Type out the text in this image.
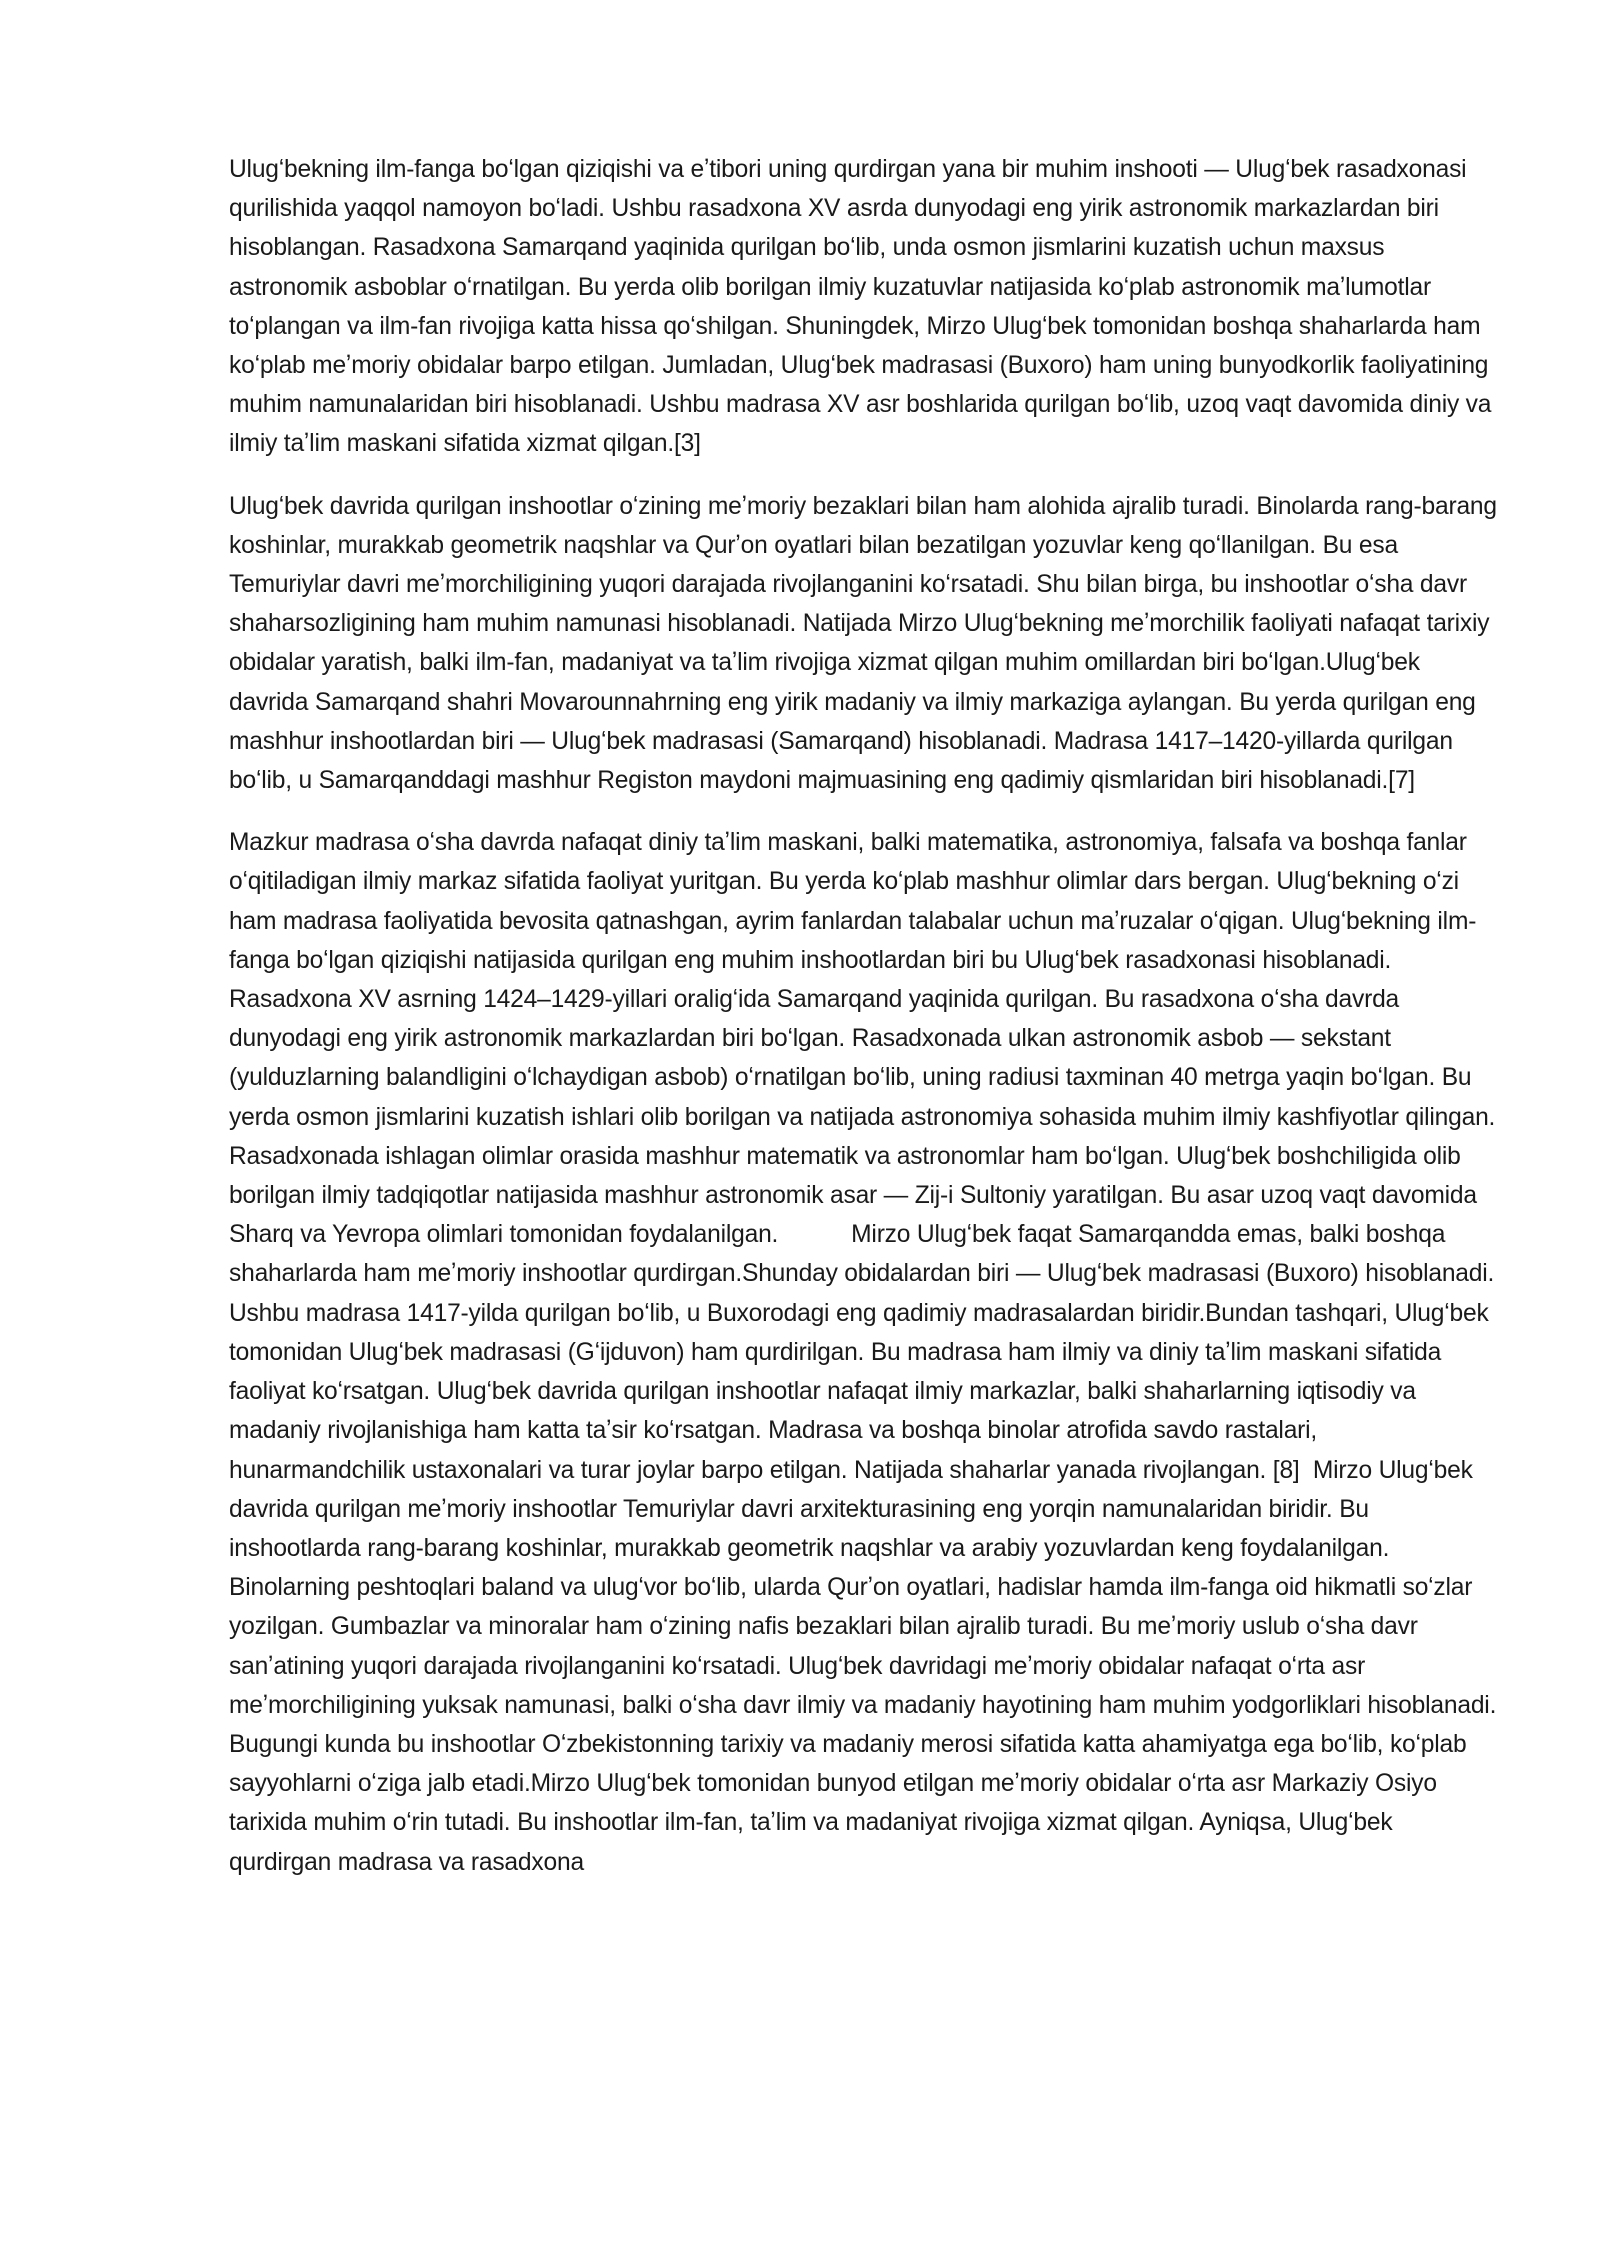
Ulugʻbekning ilm-fanga boʻlgan qiziqishi va eʼtibori uning qurdirgan yana bir muhim inshooti — Ulugʻbek rasadxonasi qurilishida yaqqol namoyon boʻladi. Ushbu rasadxona XV asrda dunyodagi eng yirik astronomik markazlardan biri hisoblangan. Rasadxona Samarqand yaqinida qurilgan boʻlib, unda osmon jismlarini kuzatish uchun maxsus astronomik asboblar oʻrnatilgan. Bu yerda olib borilgan ilmiy kuzatuvlar natijasida koʻplab astronomik maʼlumotlar toʻplangan va ilm-fan rivojiga katta hissa qoʻshilgan. Shuningdek, Mirzo Ulugʻbek tomonidan boshqa shaharlarda ham koʻplab meʼmoriy obidalar barpo etilgan. Jumladan, Ulugʻbek madrasasi (Buxoro) ham uning bunyodkorlik faoliyatining muhim namunalaridan biri hisoblanadi. Ushbu madrasa XV asr boshlarida qurilgan boʻlib, uzoq vaqt davomida diniy va ilmiy taʼlim maskani sifatida xizmat qilgan.[3]

Ulugʻbek davrida qurilgan inshootlar oʻzining meʼmoriy bezaklari bilan ham alohida ajralib turadi. Binolarda rang-barang koshinlar, murakkab geometrik naqshlar va Qurʼon oyatlari bilan bezatilgan yozuvlar keng qoʻllanilgan. Bu esa Temuriylar davri meʼmorchiligining yuqori darajada rivojlanganini koʻrsatadi. Shu bilan birga, bu inshootlar oʻsha davr shaharsozligining ham muhim namunasi hisoblanadi. Natijada Mirzo Ulugʻbekning meʼmorchilik faoliyati nafaqat tarixiy obidalar yaratish, balki ilm-fan, madaniyat va taʼlim rivojiga xizmat qilgan muhim omillardan biri boʻlgan.Ulugʻbek davrida Samarqand shahri Movarounnahrning eng yirik madaniy va ilmiy markaziga aylangan. Bu yerda qurilgan eng mashhur inshootlardan biri — Ulugʻbek madrasasi (Samarqand) hisoblanadi. Madrasa 1417–1420-yillarda qurilgan boʻlib, u Samarqanddagi mashhur Registon maydoni majmuasining eng qadimiy qismlaridan biri hisoblanadi.[7]

Mazkur madrasa oʻsha davrda nafaqat diniy taʼlim maskani, balki matematika, astronomiya, falsafa va boshqa fanlar oʻqitiladigan ilmiy markaz sifatida faoliyat yuritgan. Bu yerda koʻplab mashhur olimlar dars bergan. Ulugʻbekning oʻzi ham madrasa faoliyatida bevosita qatnashgan, ayrim fanlardan talabalar uchun maʼruzalar oʻqigan. Ulugʻbekning ilm-fanga boʻlgan qiziqishi natijasida qurilgan eng muhim inshootlardan biri bu Ulugʻbek rasadxonasi hisoblanadi. Rasadxona XV asrning 1424–1429-yillari oraligʻida Samarqand yaqinida qurilgan. Bu rasadxona oʻsha davrda dunyodagi eng yirik astronomik markazlardan biri boʻlgan. Rasadxonada ulkan astronomik asbob — sekstant (yulduzlarning balandligini oʻlchaydigan asbob) oʻrnatilgan boʻlib, uning radiusi taxminan 40 metrga yaqin boʻlgan. Bu yerda osmon jismlarini kuzatish ishlari olib borilgan va natijada astronomiya sohasida muhim ilmiy kashfiyotlar qilingan. Rasadxonada ishlagan olimlar orasida mashhur matematik va astronomlar ham boʻlgan. Ulugʻbek boshchiligida olib borilgan ilmiy tadqiqotlar natijasida mashhur astronomik asar — Zij-i Sultoniy yaratilgan. Bu asar uzoq vaqt davomida Sharq va Yevropa olimlari tomonidan foydalanilgan.           Mirzo Ulugʻbek faqat Samarqandda emas, balki boshqa shaharlarda ham meʼmoriy inshootlar qurdirgan.Shunday obidalardan biri — Ulugʻbek madrasasi (Buxoro) hisoblanadi. Ushbu madrasa 1417-yilda qurilgan boʻlib, u Buxorodagi eng qadimiy madrasalardan biridir.Bundan tashqari, Ulugʻbek tomonidan Ulugʻbek madrasasi (Gʻijduvon) ham qurdirilgan. Bu madrasa ham ilmiy va diniy taʼlim maskani sifatida faoliyat koʻrsatgan. Ulugʻbek davrida qurilgan inshootlar nafaqat ilmiy markazlar, balki shaharlarning iqtisodiy va madaniy rivojlanishiga ham katta taʼsir koʻrsatgan. Madrasa va boshqa binolar atrofida savdo rastalari, hunarmandchilik ustaxonalari va turar joylar barpo etilgan. Natijada shaharlar yanada rivojlangan. [8]  Mirzo Ulugʻbek davrida qurilgan meʼmoriy inshootlar Temuriylar davri arxitekturasining eng yorqin namunalaridan biridir. Bu inshootlarda rang-barang koshinlar, murakkab geometrik naqshlar va arabiy yozuvlardan keng foydalanilgan. Binolarning peshtoqlari baland va ulugʻvor boʻlib, ularda Qurʼon oyatlari, hadislar hamda ilm-fanga oid hikmatli soʻzlar yozilgan. Gumbazlar va minoralar ham oʻzining nafis bezaklari bilan ajralib turadi. Bu meʼmoriy uslub oʻsha davr sanʼatining yuqori darajada rivojlanganini koʻrsatadi. Ulugʻbek davridagi meʼmoriy obidalar nafaqat oʻrta asr meʼmorchiligining yuksak namunasi, balki oʻsha davr ilmiy va madaniy hayotining ham muhim yodgorliklari hisoblanadi. Bugungi kunda bu inshootlar Oʻzbekistonning tarixiy va madaniy merosi sifatida katta ahamiyatga ega boʻlib, koʻplab sayyohlarni oʻziga jalb etadi.Mirzo Ulugʻbek tomonidan bunyod etilgan meʼmoriy obidalar oʻrta asr Markaziy Osiyo tarixida muhim oʻrin tutadi. Bu inshootlar ilm-fan, taʼlim va madaniyat rivojiga xizmat qilgan. Ayniqsa, Ulugʻbek qurdirgan madrasa va rasadxona
